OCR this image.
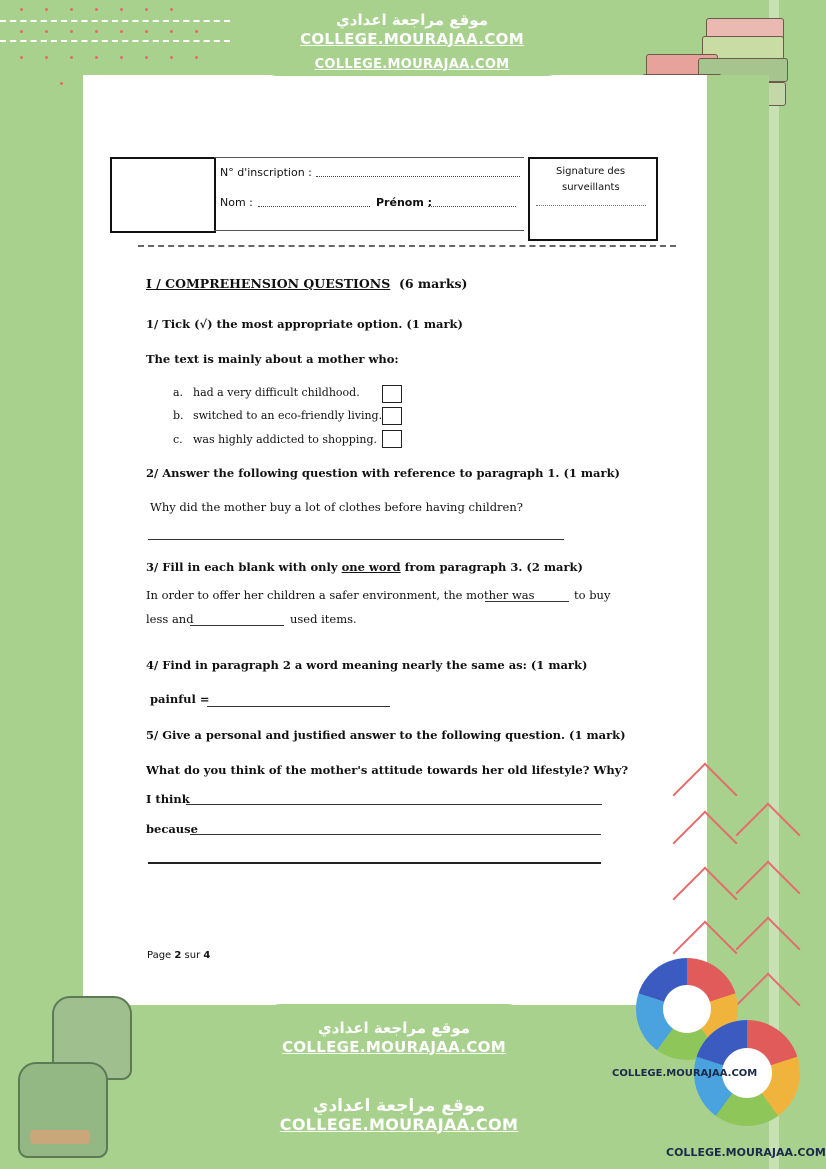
موقع مراجعة اعدادي
COLLEGE.MOURAJAA.COM
COLLEGE.MOURAJAA.COM
N° d'inscription :
Nom :	Prénom :
Signature des
surveillants
I / COMPREHENSION QUESTIONS (6 marks)
1/ Tick (√) the most appropriate option. (1 mark)
The text is mainly about a mother who:
a. had a very difficult childhood.
b. switched to an eco-friendly living.
c. was highly addicted to shopping.
2/ Answer the following question with reference to paragraph 1. (1 mark)
Why did the mother buy a lot of clothes before having children?
3/ Fill in each blank with only one word from paragraph 3. (2 mark)
In order to offer her children a safer environment, the mother was	to buy
less and	used items.
4/ Find in paragraph 2 a word meaning nearly the same as: (1 mark)
painful =
5/ Give a personal and justified answer to the following question. (1 mark)
What do you think of the mother's attitude towards her old lifestyle? Why?
I think
because
Page 2 sur 4
موقع مراجعة اعدادي
COLLEGE.MOURAJAA.COM
موقع مراجعة اعدادي
COLLEGE.MOURAJAA.COM
COLLEGE.MOURAJAA.COM
COLLEGE.MOURAJAA.COM
